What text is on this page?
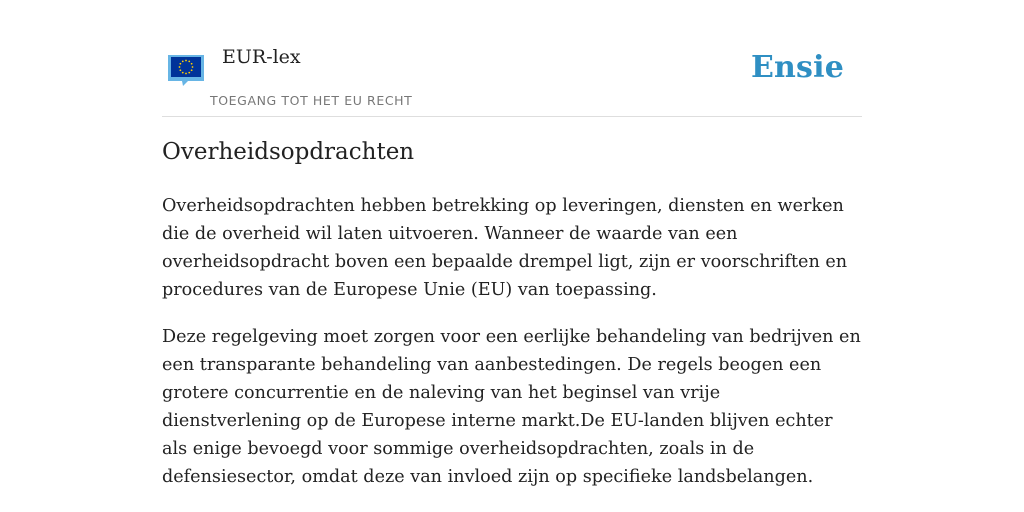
EUR-lex
TOEGANG TOT HET EU RECHT
Ensie
Overheidsopdrachten

Overheidsopdrachten hebben betrekking op leveringen, diensten en werken die de overheid wil laten uitvoeren. Wanneer de waarde van een overheidsopdracht boven een bepaalde drempel ligt, zijn er voorschriften en procedures van de Europese Unie (EU) van toepassing.

Deze regelgeving moet zorgen voor een eerlijke behandeling van bedrijven en een transparante behandeling van aanbestedingen. De regels beogen een grotere concurrentie en de naleving van het beginsel van vrije dienstverlening op de Europese interne markt.De EU-landen blijven echter als enige bevoegd voor sommige overheidsopdrachten, zoals in de defensiesector, omdat deze van invloed zijn op specifieke landsbelangen.
